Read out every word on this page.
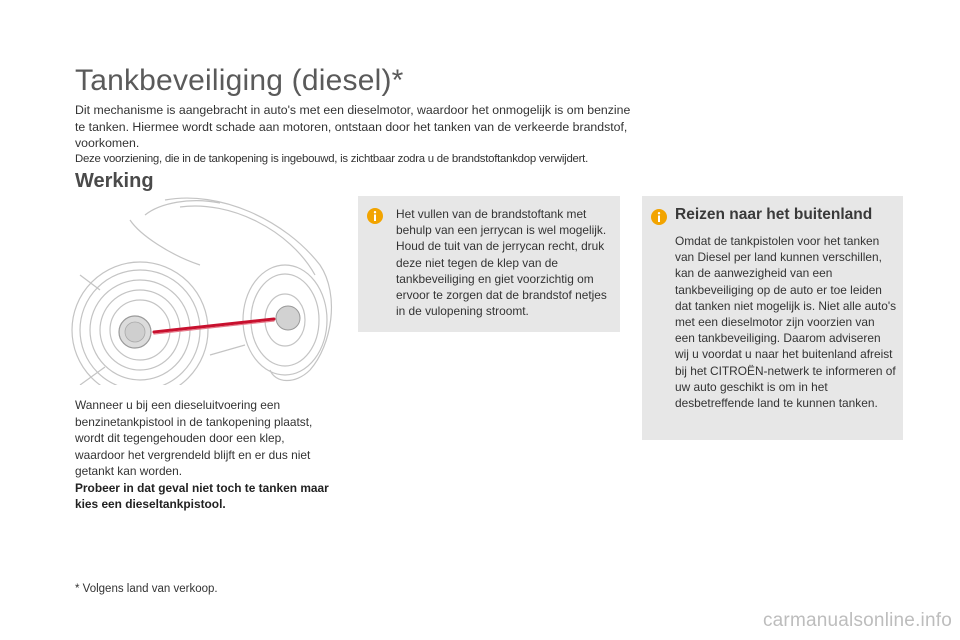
Tankbeveiliging (diesel)*

Dit mechanisme is aangebracht in auto's met een dieselmotor, waardoor het onmogelijk is om benzine te tanken. Hiermee wordt schade aan motoren, ontstaan door het tanken van de verkeerde brandstof, voorkomen.

Deze voorziening, die in de tankopening is ingebouwd, is zichtbaar zodra u de brandstoftankdop verwijdert.

Werking

Wanneer u bij een dieseluitvoering een benzinetankpistool in de tankopening plaatst, wordt dit tegengehouden door een klep, waardoor het vergrendeld blijft en er dus niet getankt kan worden.
Probeer in dat geval niet toch te tanken maar kies een dieseltankpistool.

* Volgens land van verkoop.

Het vullen van de brandstoftank met behulp van een jerrycan is wel mogelijk. Houd de tuit van de jerrycan recht, druk deze niet tegen de klep van de tankbeveiliging en giet voorzichtig om ervoor te zorgen dat de brandstof netjes in de vulopening stroomt.

Reizen naar het buitenland

Omdat de tankpistolen voor het tanken van Diesel per land kunnen verschillen, kan de aanwezigheid van een tankbeveiliging op de auto er toe leiden dat tanken niet mogelijk is. Niet alle auto's met een dieselmotor zijn voorzien van een tankbeveiliging. Daarom adviseren wij u voordat u naar het buitenland afreist bij het CITROËN-netwerk te informeren of uw auto geschikt is om in het desbetreffende land te kunnen tanken.

carmanualsonline.info
